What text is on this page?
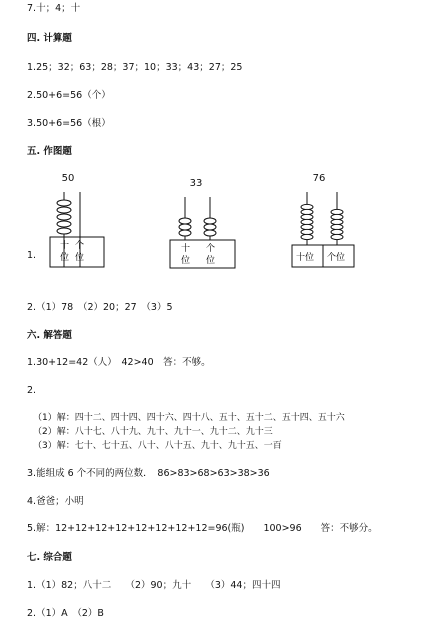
7.十；4；十
四. 计算题
1.25；32；63；28；37；10；33；43；27；25
2.50+6=56（个）
3.50+6=56（根）
五. 作图题
1.
50
十 个
位 位
33
十 个
位 位
76
十位 个位
2.（1）78　（2）20；27　（3）5
六. 解答题
1.30+12=42（人）　42>40　答：不够。
2.
（1）解：四十二、四十四、四十六、四十八、五十、五十二、五十四、五十六
（2）解：八十七、八十九、九十、九十一、九十二、九十三
（3）解：七十、七十五、八十、八十五、九十、九十五、一百
3.能组成 6 个不同的两位数．　86>83>68>63>38>36
4.爸爸；小明
5.解：12+12+12+12+12+12+12+12=96(瓶)　　100>96　　答：不够分。
七. 综合题
1.（1）82；八十二　　（2）90；九十　　（3）44；四十四
2.（1）A　（2）B
